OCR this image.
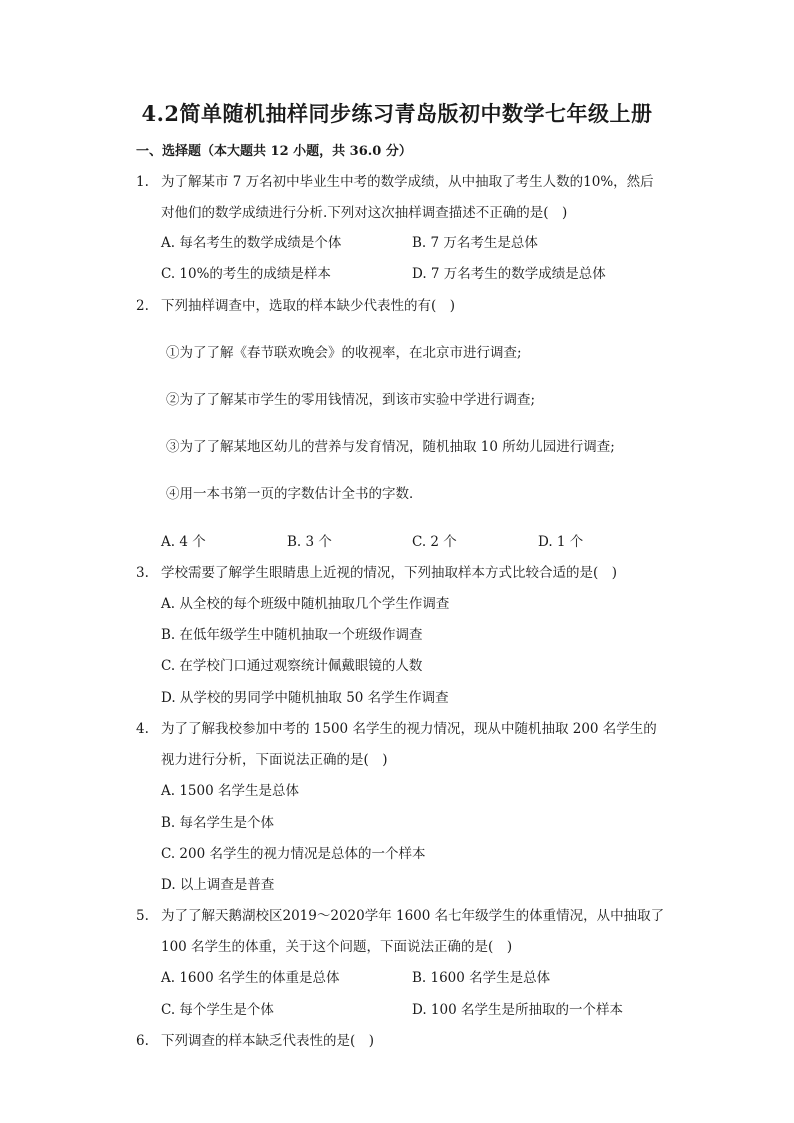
4.2简单随机抽样同步练习青岛版初中数学七年级上册
一、选择题（本大题共 12 小题，共 36.0 分）
1. 为了解某市 7 万名初中毕业生中考的数学成绩，从中抽取了考生人数的10%，然后
对他们的数学成绩进行分析.下列对这次抽样调查描述不正确的是(　)
A. 每名考生的数学成绩是个体	B. 7 万名考生是总体
C. 10%的考生的成绩是样本	D. 7 万名考生的数学成绩是总体
2. 下列抽样调查中，选取的样本缺少代表性的有(　)
①为了了解《春节联欢晚会》的收视率，在北京市进行调查;
②为了了解某市学生的零用钱情况，到该市实验中学进行调查;
③为了了解某地区幼儿的营养与发育情况，随机抽取 10 所幼儿园进行调查;
④用一本书第一页的字数估计全书的字数．
A. 4 个	B. 3 个	C. 2 个	D. 1 个
3. 学校需要了解学生眼睛患上近视的情况，下列抽取样本方式比较合适的是(　)
A. 从全校的每个班级中随机抽取几个学生作调查
B. 在低年级学生中随机抽取一个班级作调查
C. 在学校门口通过观察统计佩戴眼镜的人数
D. 从学校的男同学中随机抽取 50 名学生作调查
4. 为了了解我校参加中考的 1500 名学生的视力情况，现从中随机抽取 200 名学生的
视力进行分析，下面说法正确的是(　)
A. 1500 名学生是总体
B. 每名学生是个体
C. 200 名学生的视力情况是总体的一个样本
D. 以上调查是普查
5. 为了了解天鹅湖校区2019～2020学年 1600 名七年级学生的体重情况，从中抽取了
100 名学生的体重，关于这个问题，下面说法正确的是(　)
A. 1600 名学生的体重是总体	B. 1600 名学生是总体
C. 每个学生是个体	D. 100 名学生是所抽取的一个样本
6. 下列调查的样本缺乏代表性的是(　)
